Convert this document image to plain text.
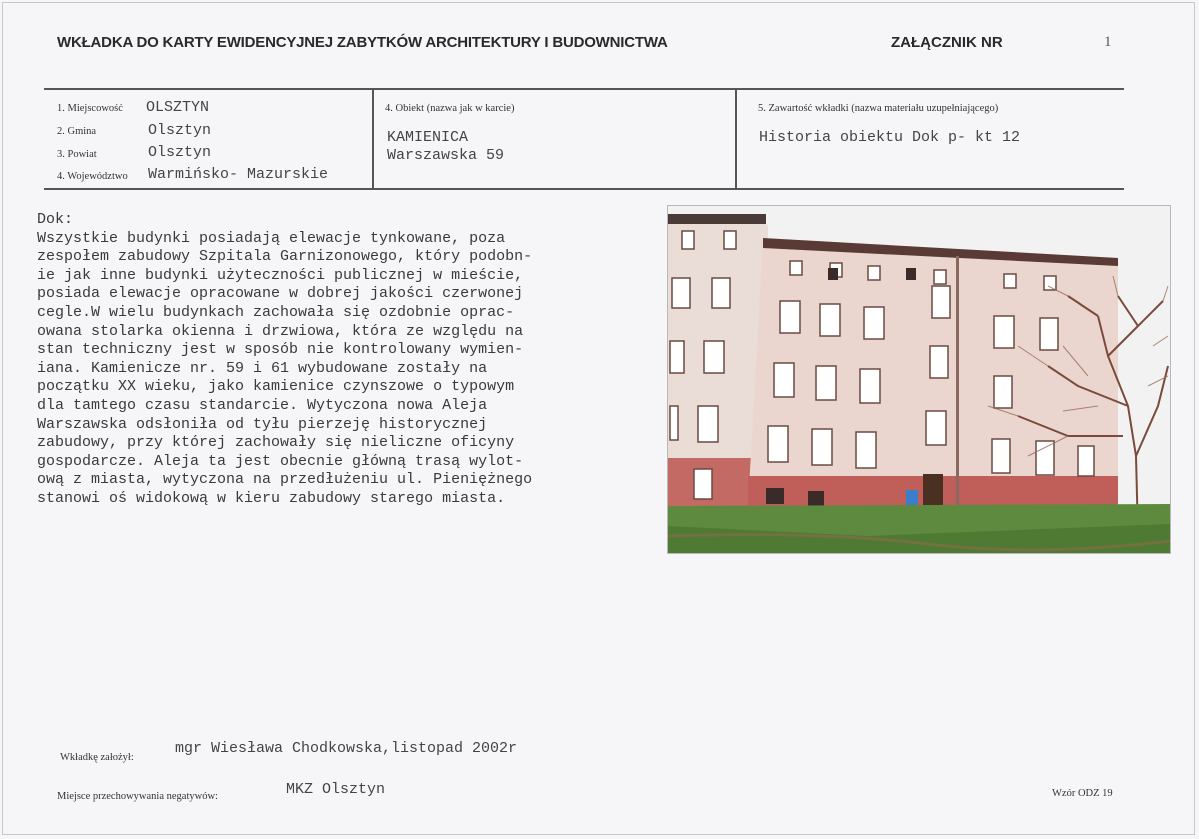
WKŁADKA DO KARTY EWIDENCYJNEJ ZABYTKÓW ARCHITEKTURY I BUDOWNICTWA	ZAŁĄCZNIK NR	1
1. Miejscowość OLSZTYN
2. Gmina	Olsztyn
3. Powiat	Olsztyn
4. Województwo Warmińsko- Mazurskie
4. Obiekt (nazwa jak w karcie)
KAMIENICA
Warszawska 59
5. Zawartość wkładki (nazwa materiału uzupełniającego)
Historia obiektu Dok p- kt 12
Dok:
Wszystkie budynki posiadają elewacje tynkowane, poza
zespołem zabudowy Szpitala Garnizonowego, który podobn-
ie jak inne budynki użyteczności publicznej w mieście,
posiada elewacje opracowane w dobrej jakości czerwonej
cegle.W wielu budynkach zachowała się ozdobnie oprac-
owana stolarka okienna i drzwiowa, która ze względu na
stan techniczny jest w sposób nie kontrolowany wymien-
iana. Kamienicze nr. 59 i 61 wybudowane zostały na
początku XX wieku, jako kamienice czynszowe o typowym
dla tamtego czasu standarcie. Wytyczona nowa Aleja
Warszawska odsłoniła od tyłu pierzeję historycznej
zabudowy, przy której zachowały się nieliczne oficyny
gospodarcze. Aleja ta jest obecnie główną trasą wylot-
ową z miasta, wytyczona na przedłużeniu ul. Pieniężnego
stanowi oś widokową w kieru zabudowy starego miasta.
Wkładkę założył:
mgr Wiesława Chodkowska,listopad 2002r
Miejsce przechowywania negatywów:	MKZ Olsztyn	Wzór ODZ 19
